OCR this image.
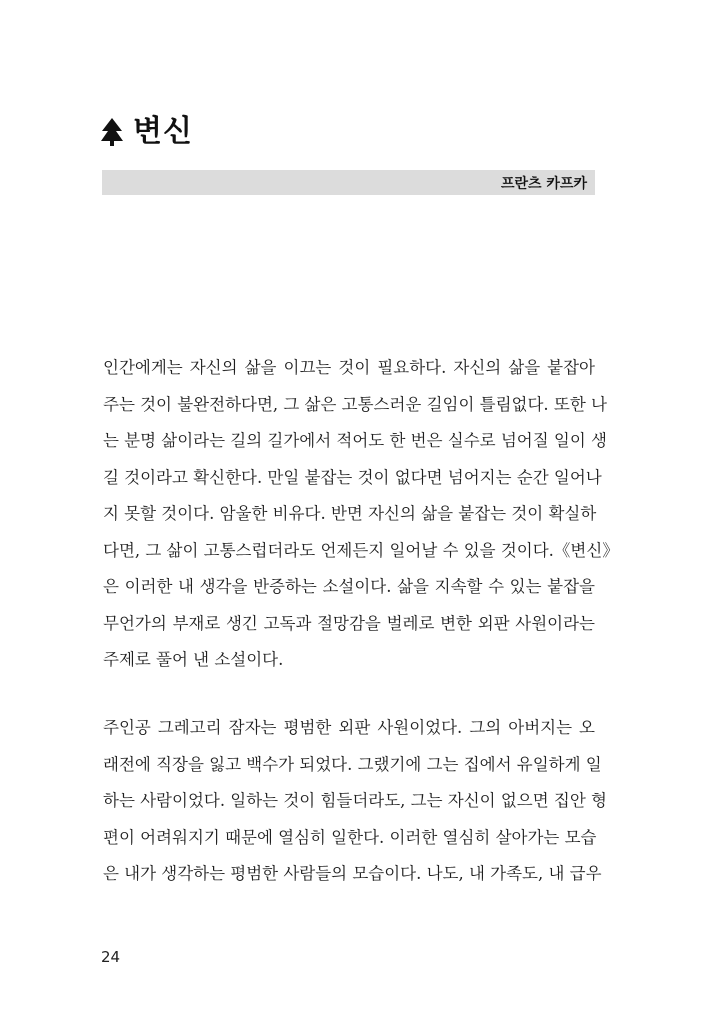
변신
프란츠 카프카
인간에게는 자신의 삶을 이끄는 것이 필요하다. 자신의 삶을 붙잡아
주는 것이 불완전하다면, 그 삶은 고통스러운 길임이 틀림없다. 또한 나
는 분명 삶이라는 길의 길가에서 적어도 한 번은 실수로 넘어질 일이 생
길 것이라고 확신한다. 만일 붙잡는 것이 없다면 넘어지는 순간 일어나
지 못할 것이다. 암울한 비유다. 반면 자신의 삶을 붙잡는 것이 확실하
다면, 그 삶이 고통스럽더라도 언제든지 일어날 수 있을 것이다.《변신》
은 이러한 내 생각을 반증하는 소설이다. 삶을 지속할 수 있는 붙잡을
무언가의 부재로 생긴 고독과 절망감을 벌레로 변한 외판 사원이라는
주제로 풀어 낸 소설이다.
주인공 그레고리 잠자는 평범한 외판 사원이었다. 그의 아버지는 오
래전에 직장을 잃고 백수가 되었다. 그랬기에 그는 집에서 유일하게 일
하는 사람이었다. 일하는 것이 힘들더라도, 그는 자신이 없으면 집안 형
편이 어려워지기 때문에 열심히 일한다. 이러한 열심히 살아가는 모습
은 내가 생각하는 평범한 사람들의 모습이다. 나도, 내 가족도, 내 급우
24
